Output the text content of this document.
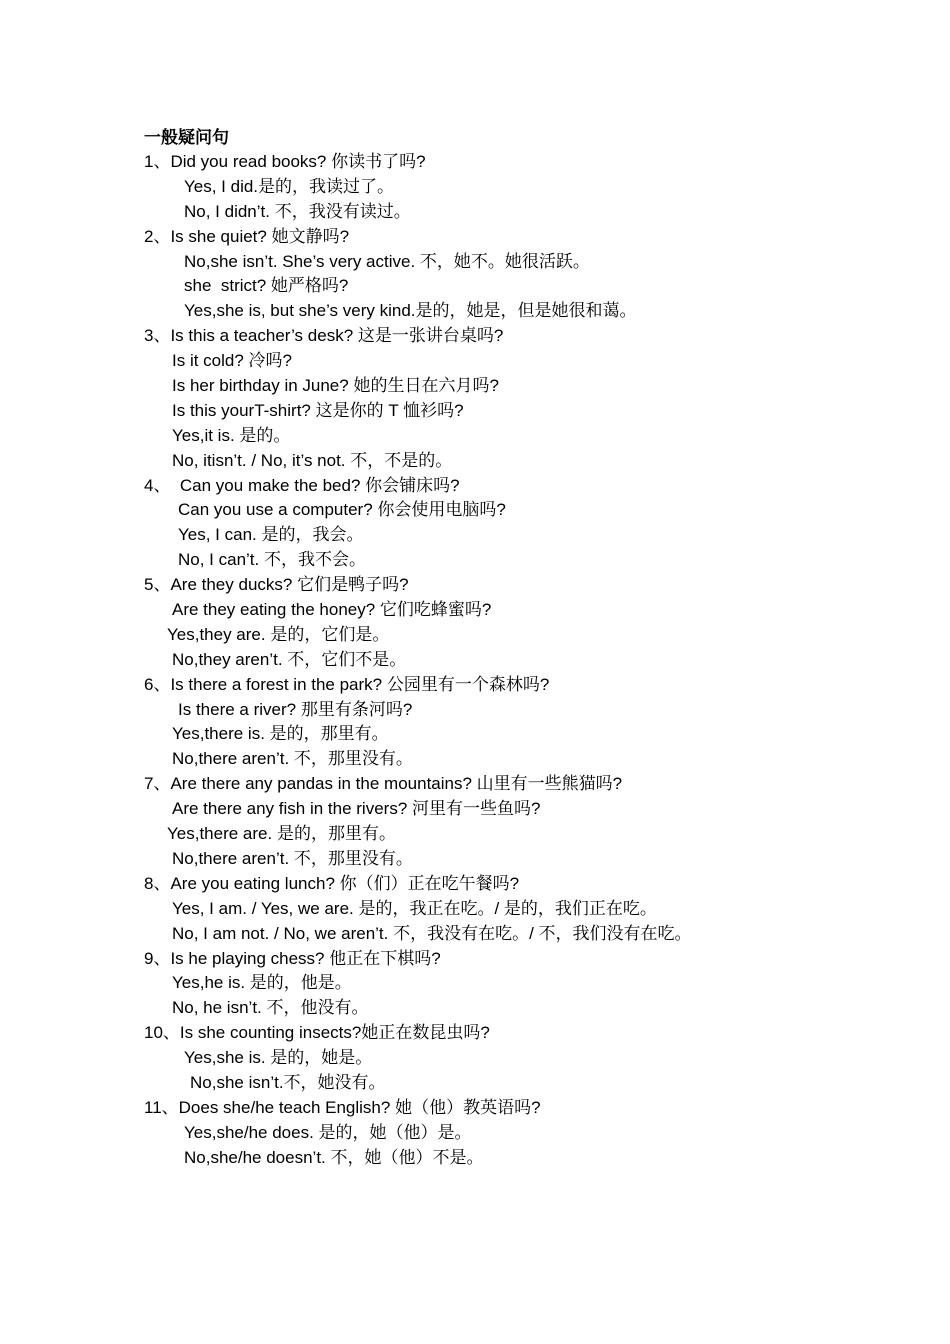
一般疑问句
1、Did you read books? 你读书了吗?
Yes, I did.是的，我读过了。
No, I didn’t. 不，我没有读过。
2、Is she quiet? 她文静吗?
No,she isn’t. She’s very active. 不，她不。她很活跃。
she  strict? 她严格吗?
Yes,she is, but she’s very kind.是的，她是，但是她很和蔼。
3、Is this a teacher’s desk? 这是一张讲台桌吗?
Is it cold? 冷吗?
Is her birthday in June? 她的生日在六月吗?
Is this yourT-shirt? 这是你的 T 恤衫吗?
Yes,it is. 是的。
No, itisn’t. / No, it’s not. 不，不是的。
4、  Can you make the bed? 你会铺床吗?
Can you use a computer? 你会使用电脑吗?
Yes, I can. 是的，我会。
No, I can’t. 不，我不会。
5、Are they ducks? 它们是鸭子吗?
Are they eating the honey? 它们吃蜂蜜吗?
Yes,they are. 是的，它们是。
No,they aren’t. 不，它们不是。
6、Is there a forest in the park? 公园里有一个森林吗?
Is there a river? 那里有条河吗?
Yes,there is. 是的，那里有。
No,there aren’t. 不，那里没有。
7、Are there any pandas in the mountains? 山里有一些熊猫吗?
Are there any fish in the rivers? 河里有一些鱼吗?
Yes,there are. 是的，那里有。
No,there aren’t. 不，那里没有。
8、Are you eating lunch? 你（们）正在吃午餐吗?
Yes, I am. / Yes, we are. 是的，我正在吃。/ 是的，我们正在吃。
No, I am not. / No, we aren’t. 不，我没有在吃。/ 不，我们没有在吃。
9、Is he playing chess? 他正在下棋吗?
Yes,he is. 是的，他是。
No, he isn’t. 不，他没有。
10、Is she counting insects?她正在数昆虫吗?
Yes,she is. 是的，她是。
No,she isn’t.不，她没有。
11、Does she/he teach English? 她（他）教英语吗?
Yes,she/he does. 是的，她（他）是。
No,she/he doesn’t. 不，她（他）不是。
